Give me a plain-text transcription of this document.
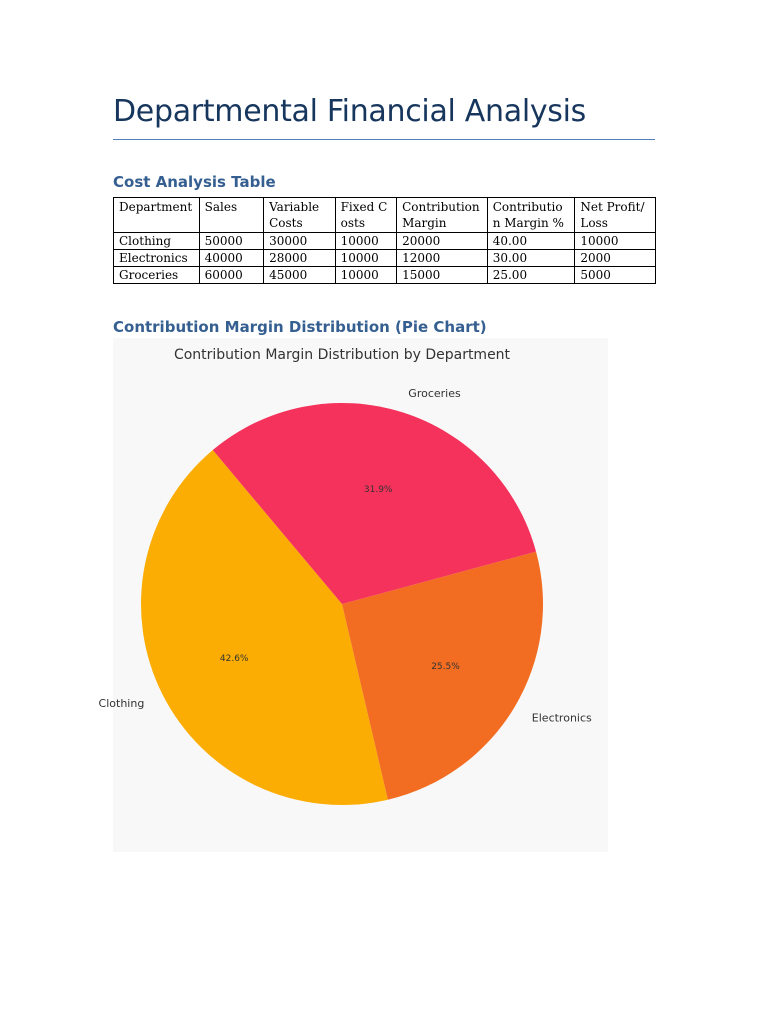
Departmental Financial Analysis
Cost Analysis Table
Department	Sales	Variable Costs	Fixed Costs	Contribution Margin	Contribution Margin %	Net Profit/Loss
Clothing	50000	30000	10000	20000	40.00	10000
Electronics	40000	28000	10000	12000	30.00	2000
Groceries	60000	45000	10000	15000	25.00	5000
Contribution Margin Distribution (Pie Chart)
Contribution Margin Distribution by Department
42.6%
Clothing
25.5%
Electronics
31.9%
Groceries
